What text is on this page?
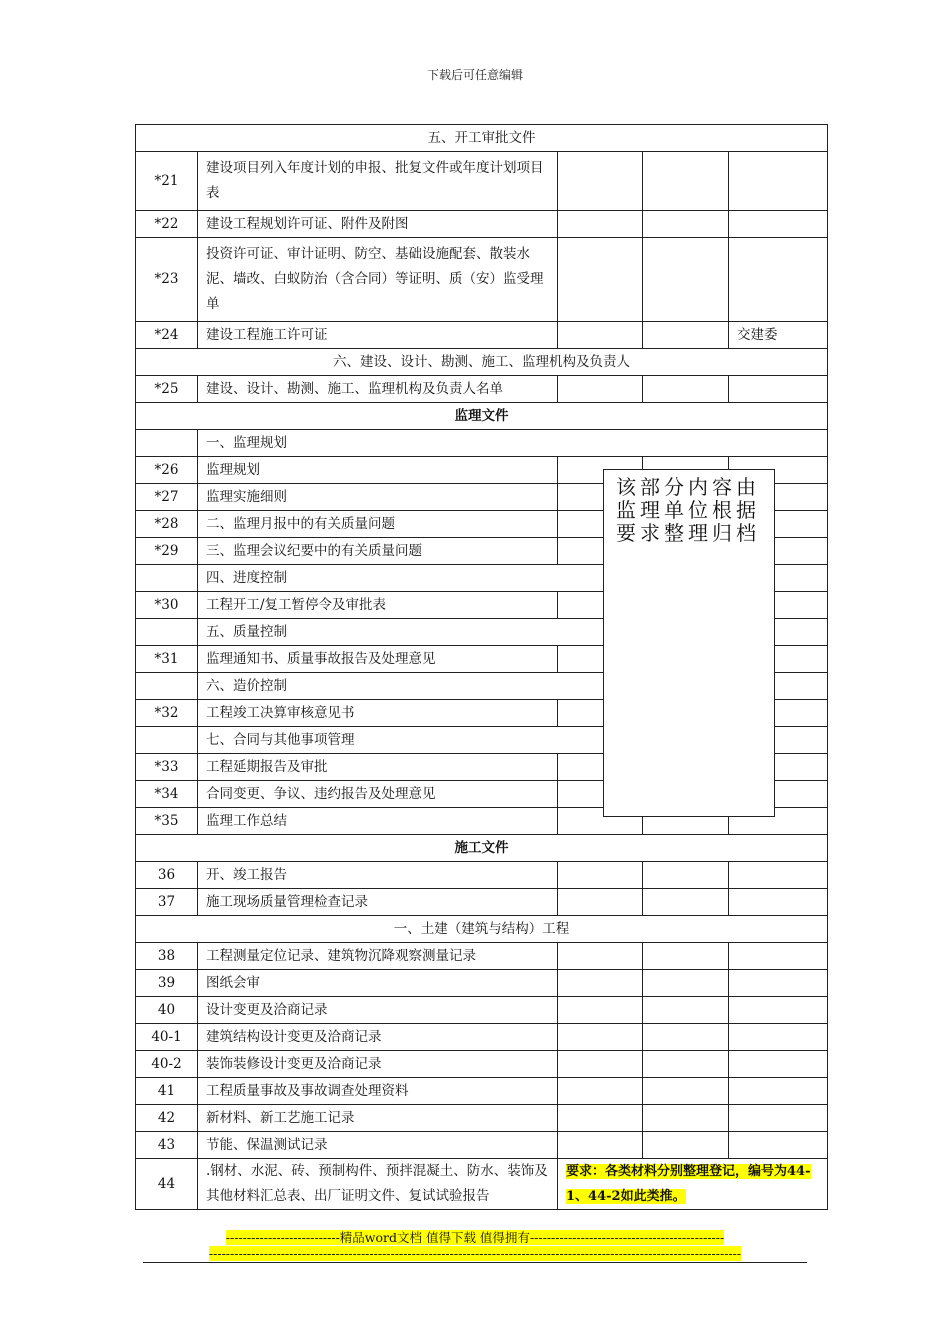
下载后可任意编辑
五、开工审批文件				
*21	建设项目列入年度计划的申报、批复文件或年度计划项目表			
*22	建设工程规划许可证、附件及附图			
*23	投资许可证、审计证明、防空、基础设施配套、散装水泥、墙改、白蚁防治（含合同）等证明、质（安）监受理单			
*24	建设工程施工许可证			交建委
六、建设、设计、勘测、施工、监理机构及负责人				
*25	建设、设计、勘测、施工、监理机构及负责人名单			
监理文件				
	一、监理规划			
*26	监理规划			
*27	监理实施细则			
*28	二、监理月报中的有关质量问题			
*29	三、监理会议纪要中的有关质量问题			
	四、进度控制			
*30	工程开工/复工暂停令及审批表			
	五、质量控制			
*31	监理通知书、质量事故报告及处理意见			
	六、造价控制			
*32	工程竣工决算审核意见书			
	七、合同与其他事项管理			
*33	工程延期报告及审批			
*34	合同变更、争议、违约报告及处理意见			
*35	监理工作总结			
施工文件				
36	开、竣工报告			
37	施工现场质量管理检查记录			
一、土建（建筑与结构）工程				
38	工程测量定位记录、建筑物沉降观察测量记录			
39	图纸会审			
40	设计变更及洽商记录			
40-1	建筑结构设计变更及洽商记录			
40-2	装饰装修设计变更及洽商记录			
41	工程质量事故及事故调查处理资料			
42	新材料、新工艺施工记录			
43	节能、保温测试记录			
44	.钢材、水泥、砖、预制构件、预拌混凝土、防水、装饰及其他材料汇总表、出厂证明文件、复试试验报告	要求：各类材料分别整理登记，编号为44-1、44-2如此类推。		
该部分内容由监理单位根据要求整理归档
---------------------------精品word文档 值得下载 值得拥有----------------------------------------------
------------------------------------------------------------------------------------------------------------------------------
